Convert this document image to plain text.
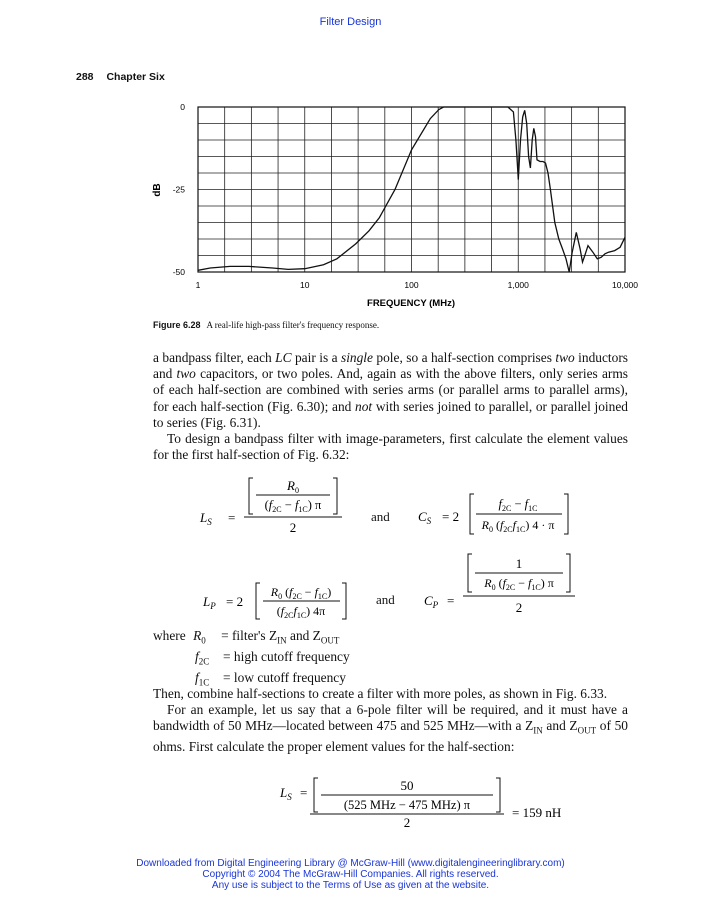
Filter Design
288 Chapter Six
1	10	100	1,000	10,000
0
-25
-50
FREQUENCY (MHz)
dB
Figure 6.28 A real-life high-pass filter's frequency response.

a bandpass filter, each LC pair is a single pole, so a half-section comprises two inductors and two capacitors, or two poles. And, again as with the above filters, only series arms of each half-section are combined with series arms (or parallel arms to parallel arms), for each half-section (Fig. 6.30); and not with series joined to parallel, or parallel joined to series (Fig. 6.31).

To design a bandpass filter with image-parameters, first calculate the element values for the first half-section of Fig. 6.32:

$L_S$ =
$R_0$
$(f_{2C} - f_{1C})$ π
2
and $C_S = 2$
$f_{2C} - f_{1C}$
$R_0$ $(f_{2C}f_{1C}) 4 \cdot \pi$
$L_P = 2$
$R_0$ $(f_{2C} - f_{1C})$
$(f_{2C}f_{1C})$ 4π
and $C_P$ =
1
$R_0$ $(f_{2C} - f_{1C})$ π
2
where $R_0$ = filter's $Z_{IN}$ and $Z_{OUT}$
$f_{2C}$ = high cutoff frequency
$f_{1C}$ = low cutoff frequency

Then, combine half-sections to create a filter with more poles, as shown in Fig. 6.33.

For an example, let us say that a 6-pole filter will be required, and it must have a bandwidth of 50 MHz—located between 475 and 525 MHz—with a $Z_{IN}$ and $Z_{OUT}$ of 50 ohms. First calculate the proper element values for the half-section:

$L_S$ =	50
(525 MHz − 475 MHz) π
2
= 159 nH
Downloaded from Digital Engineering Library @ McGraw-Hill (www.digitalengineeringlibrary.com)
Copyright © 2004 The McGraw-Hill Companies. All rights reserved.
Any use is subject to the Terms of Use as given at the website.
